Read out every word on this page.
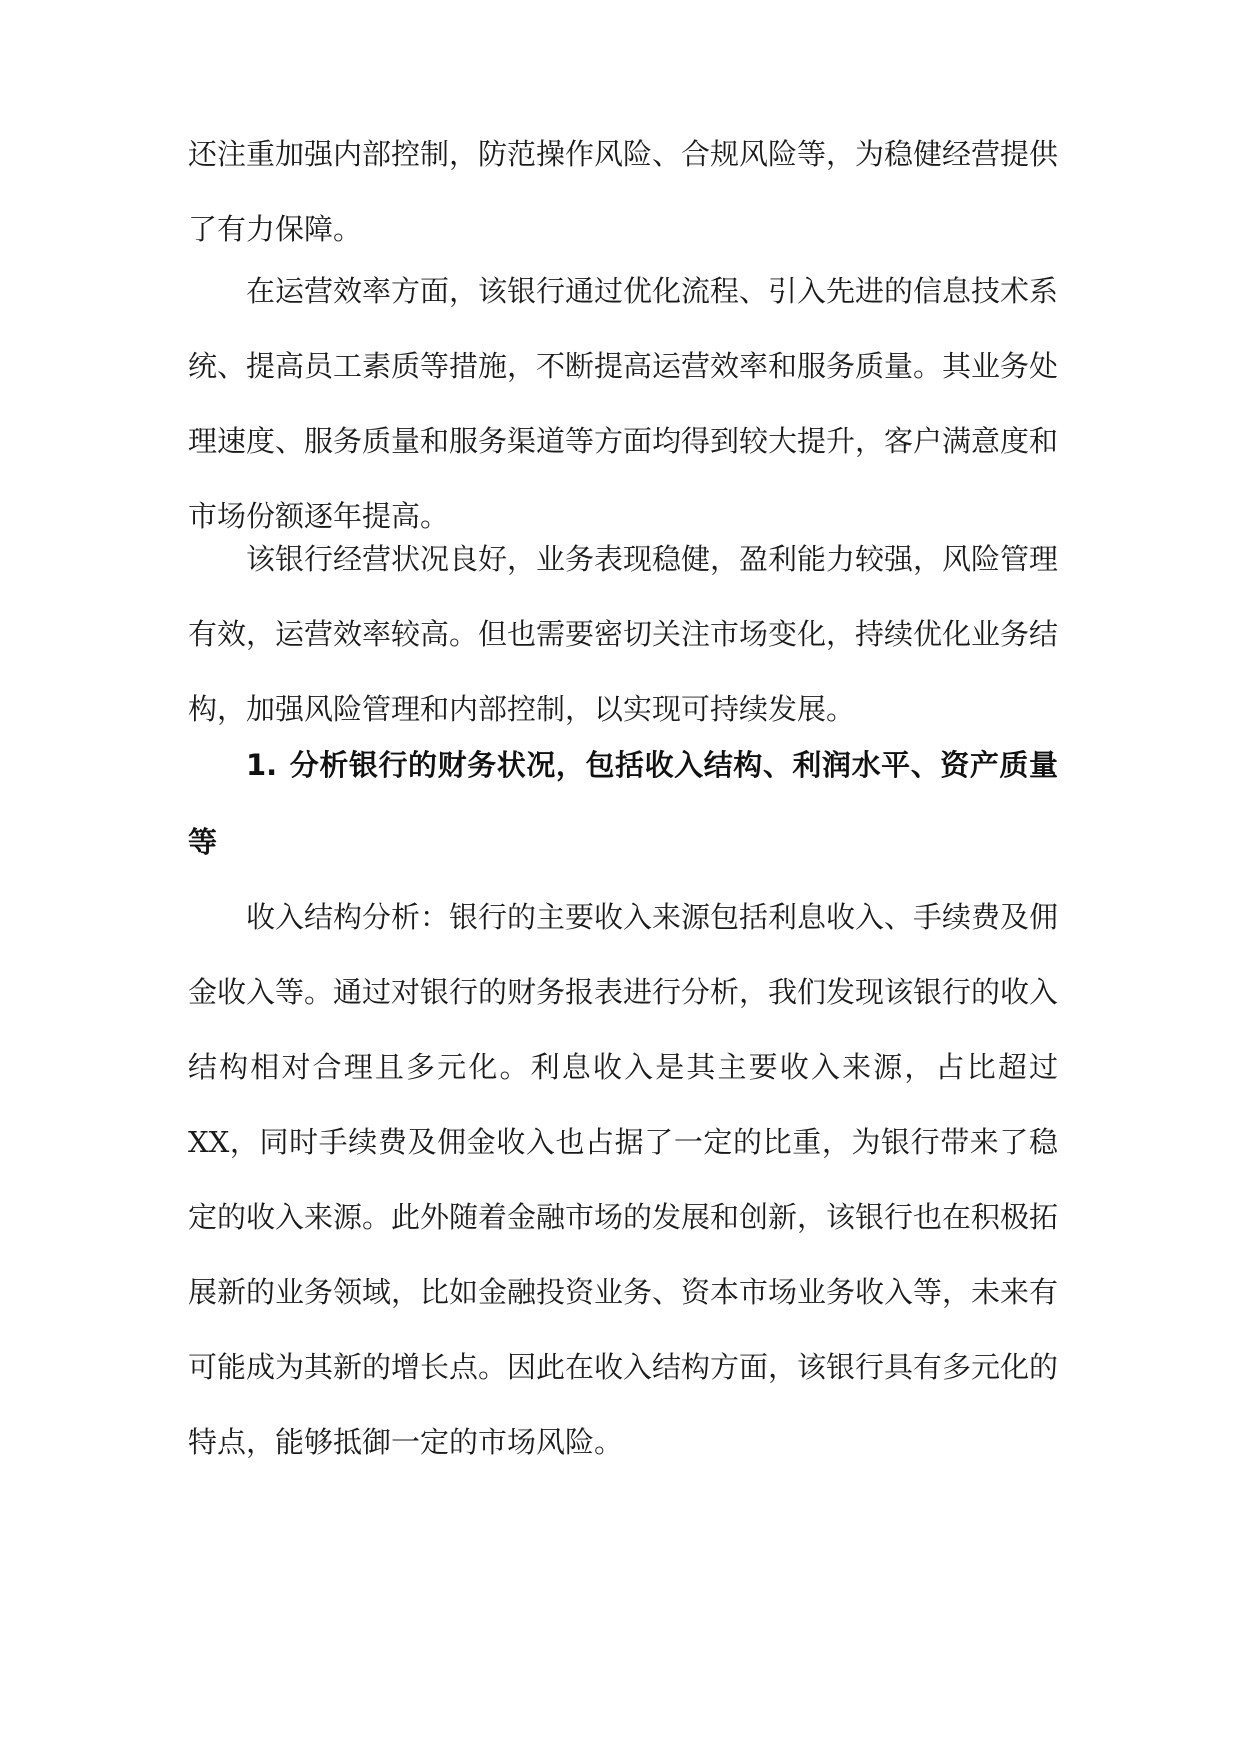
还注重加强内部控制，防范操作风险、合规风险等，为稳健经营提供了有力保障。

在运营效率方面，该银行通过优化流程、引入先进的信息技术系统、提高员工素质等措施，不断提高运营效率和服务质量。其业务处理速度、服务质量和服务渠道等方面均得到较大提升，客户满意度和市场份额逐年提高。

该银行经营状况良好，业务表现稳健，盈利能力较强，风险管理有效，运营效率较高。但也需要密切关注市场变化，持续优化业务结构，加强风险管理和内部控制，以实现可持续发展。

1. 分析银行的财务状况，包括收入结构、利润水平、资产质量等

收入结构分析：银行的主要收入来源包括利息收入、手续费及佣金收入等。通过对银行的财务报表进行分析，我们发现该银行的收入结构相对合理且多元化。利息收入是其主要收入来源，占比超过XX，同时手续费及佣金收入也占据了一定的比重，为银行带来了稳定的收入来源。此外随着金融市场的发展和创新，该银行也在积极拓展新的业务领域，比如金融投资业务、资本市场业务收入等，未来有可能成为其新的增长点。因此在收入结构方面，该银行具有多元化的特点，能够抵御一定的市场风险。
